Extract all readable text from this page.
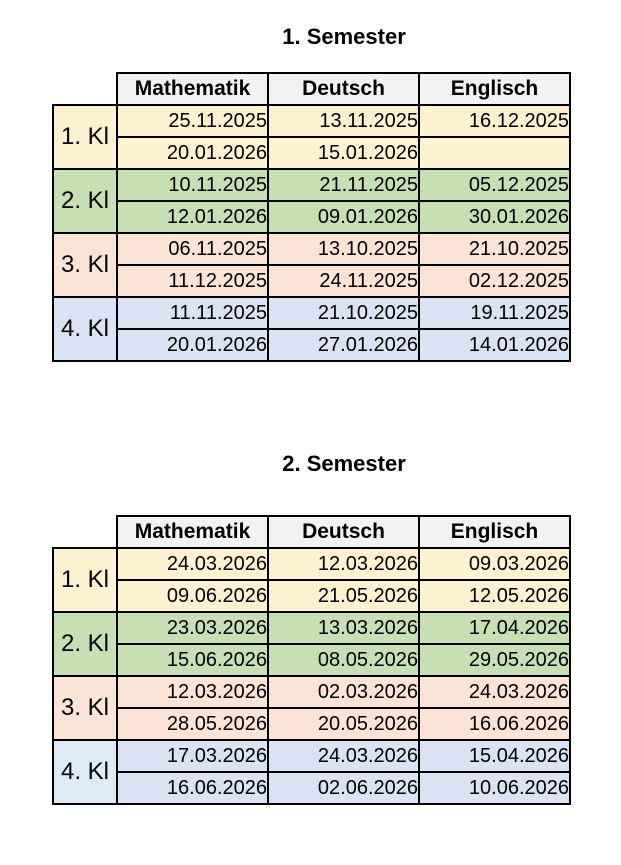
1. Semester
	Mathematik	Deutsch	Englisch
1. Kl	25.11.2025	13.11.2025	16.12.2025
	20.01.2026	15.01.2026	
2. Kl	10.11.2025	21.11.2025	05.12.2025
	12.01.2026	09.01.2026	30.01.2026
3. Kl	06.11.2025	13.10.2025	21.10.2025
	11.12.2025	24.11.2025	02.12.2025
4. Kl	11.11.2025	21.10.2025	19.11.2025
	20.01.2026	27.01.2026	14.01.2026
2. Semester
	Mathematik	Deutsch	Englisch
1. Kl	24.03.2026	12.03.2026	09.03.2026
	09.06.2026	21.05.2026	12.05.2026
2. Kl	23.03.2026	13.03.2026	17.04.2026
	15.06.2026	08.05.2026	29.05.2026
3. Kl	12.03.2026	02.03.2026	24.03.2026
	28.05.2026	20.05.2026	16.06.2026
4. Kl	17.03.2026	24.03.2026	15.04.2026
	16.06.2026	02.06.2026	10.06.2026
